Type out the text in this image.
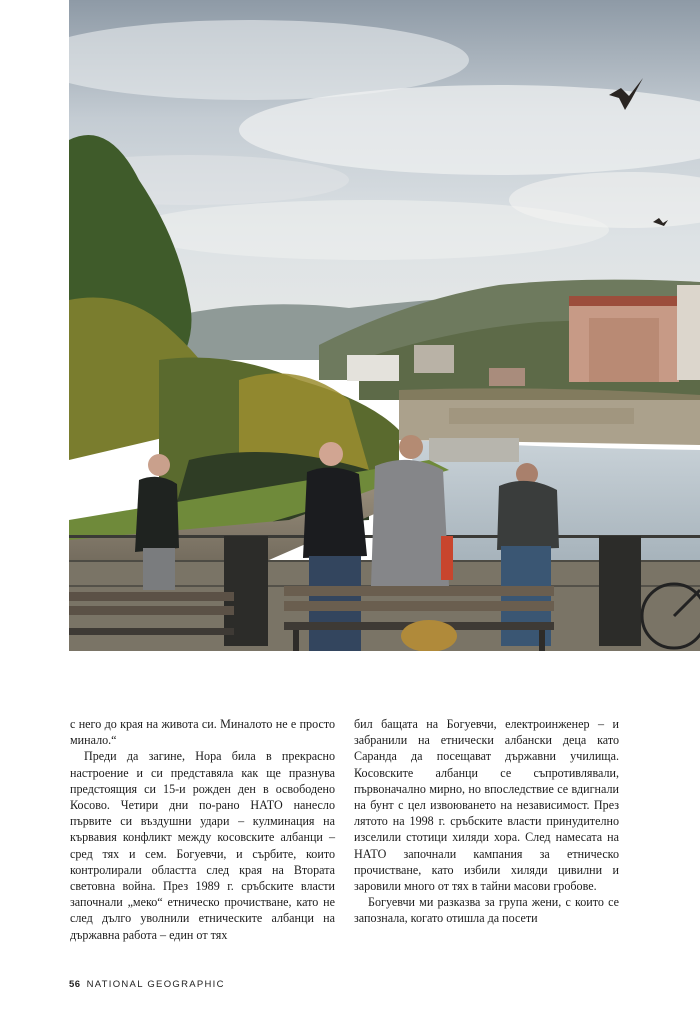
с него до края на живота си. Миналото не е просто минало.“

Преди да загине, Нора била в прекрасно настроение и си представяла как ще празнува предстоящия си 15-и рожден ден в освободено Косово. Четири дни по-рано НАТО нанесло първите си въздушни удари – кулминация на кървавия конфликт между косовските албанци – сред тях и сем. Богуевчи, и сърбите, които контролирали областта след края на Втората световна война. През 1989 г. сръбските власти започнали „меко“ етническо прочистване, като не след дълго уволнили етническите албанци на държавна работа – един от тях

бил бащата на Богуевчи, електроинженер – и забранили на етнически албански деца като Саранда да посещават държавни училища. Косовските албанци се съпротивлявали, първоначално мирно, но впоследствие се вдигнали на бунт с цел извоюването на независимост. През лятото на 1998 г. сръбските власти принудително изселили стотици хиляди хора. След намесата на НАТО започнали кампания за етническо прочистване, като избили хиляди цивилни и заровили много от тях в тайни масови гробове.

Богуевчи ми разказва за група жени, с които се запознала, когато отишла да посети

56 NATIONAL GEOGRAPHIC
